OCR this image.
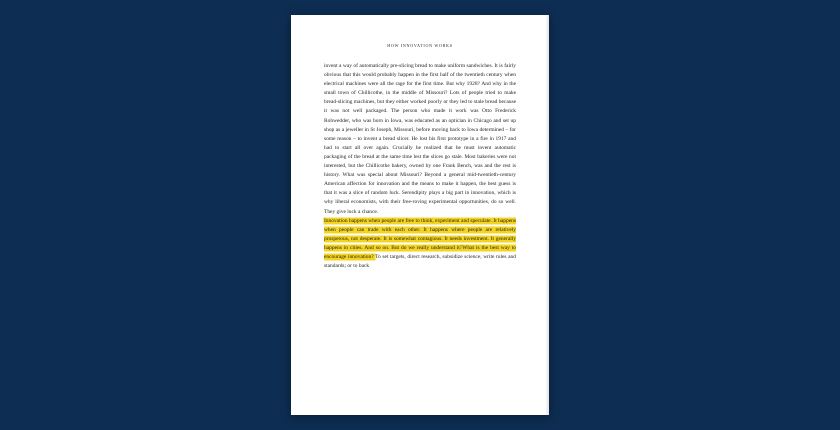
HOW INNOVATION WORKS

invent a way of automatically pre-slicing bread to make uniform sandwiches. It is fairly obvious that this would probably happen in the first half of the twentieth century when electrical machines were all the rage for the first time. But why 1928? And why in the small town of Chillicothe, in the middle of Missouri? Lots of people tried to make bread-slicing machines, but they either worked poorly or they led to stale bread because it was not well packaged. The person who made it work was Otto Frederick Rohwedder, who was born in Iowa, was educated as an optician in Chicago and set up shop as a jeweller in St Joseph, Missouri, before moving back to Iowa determined – for some reason – to invent a bread slicer. He lost his first prototype in a fire in 1917 and had to start all over again. Crucially he realized that he must invent automatic packaging of the bread at the same time lest the slices go stale. Most bakeries were not interested, but the Chillicothe bakery, owned by one Frank Bench, was and the rest is history. What was special about Missouri? Beyond a general mid-twentieth-century American affection for innovation and the means to make it happen, the best guess is that it was a slice of random luck. Serendipity plays a big part in innovation, which is why liberal economists, with their free-roving experimental opportunities, do so well. They give luck a chance.

Innovation happens when people are free to think, experiment and speculate. It happens when people can trade with each other. It happens where people are relatively prosperous, not desperate. It is somewhat contagious. It needs investment. It generally happens in cities. And so on. But do we really understand it?What is the best way to encourage innovation? To set targets, direct research, subsidize science, write rules and standards; or to back
